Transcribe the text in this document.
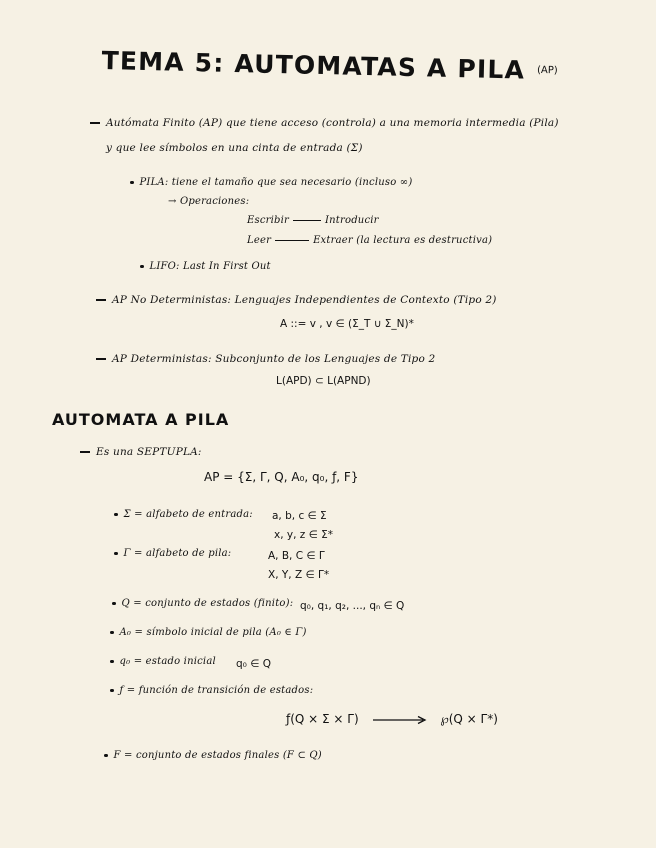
TEMA 5: AUTOMATAS A PILA $^{(AP)}$
Autómata Finito (AP) que tiene acceso (controla) a una memoria intermedia (Pila)
y que lee símbolos en una cinta de entrada (Σ)
PILA: tiene el tamaño que sea necesario (incluso ∞)
→ Operaciones:
Escribir	Introducir
Leer	Extraer (la lectura es destructiva)
LIFO: Last In First Out
AP No Deterministas: Lenguajes Independientes de Contexto (Tipo 2)
A ::= v , v ∈ (Σ_T ∪ Σ_N)*
AP Deterministas: Subconjunto de los Lenguajes de Tipo 2
L(APD) ⊂ L(APND)
AUTOMATA A PILA
Es una SEPTUPLA:
AP = {Σ, Γ, Q, A₀, q₀, ƒ, F}
Σ = alfabeto de entrada: a, b, c ∈ Σ
x, y, z ∈ Σ*
Γ = alfabeto de pila:	A, B, C ∈ Γ
X, Y, Z ∈ Γ*
Q = conjunto de estados (finito): q₀, q₁, q₂, ..., qₙ ∈ Q
A₀ = símbolo inicial de pila (A₀ ∈ Γ)
q₀ = estado inicial q₀ ∈ Q
ƒ = función de transición de estados:
ƒ(Q × Σ × Γ)	℘(Q × Γ*)
F = conjunto de estados finales (F ⊂ Q)
